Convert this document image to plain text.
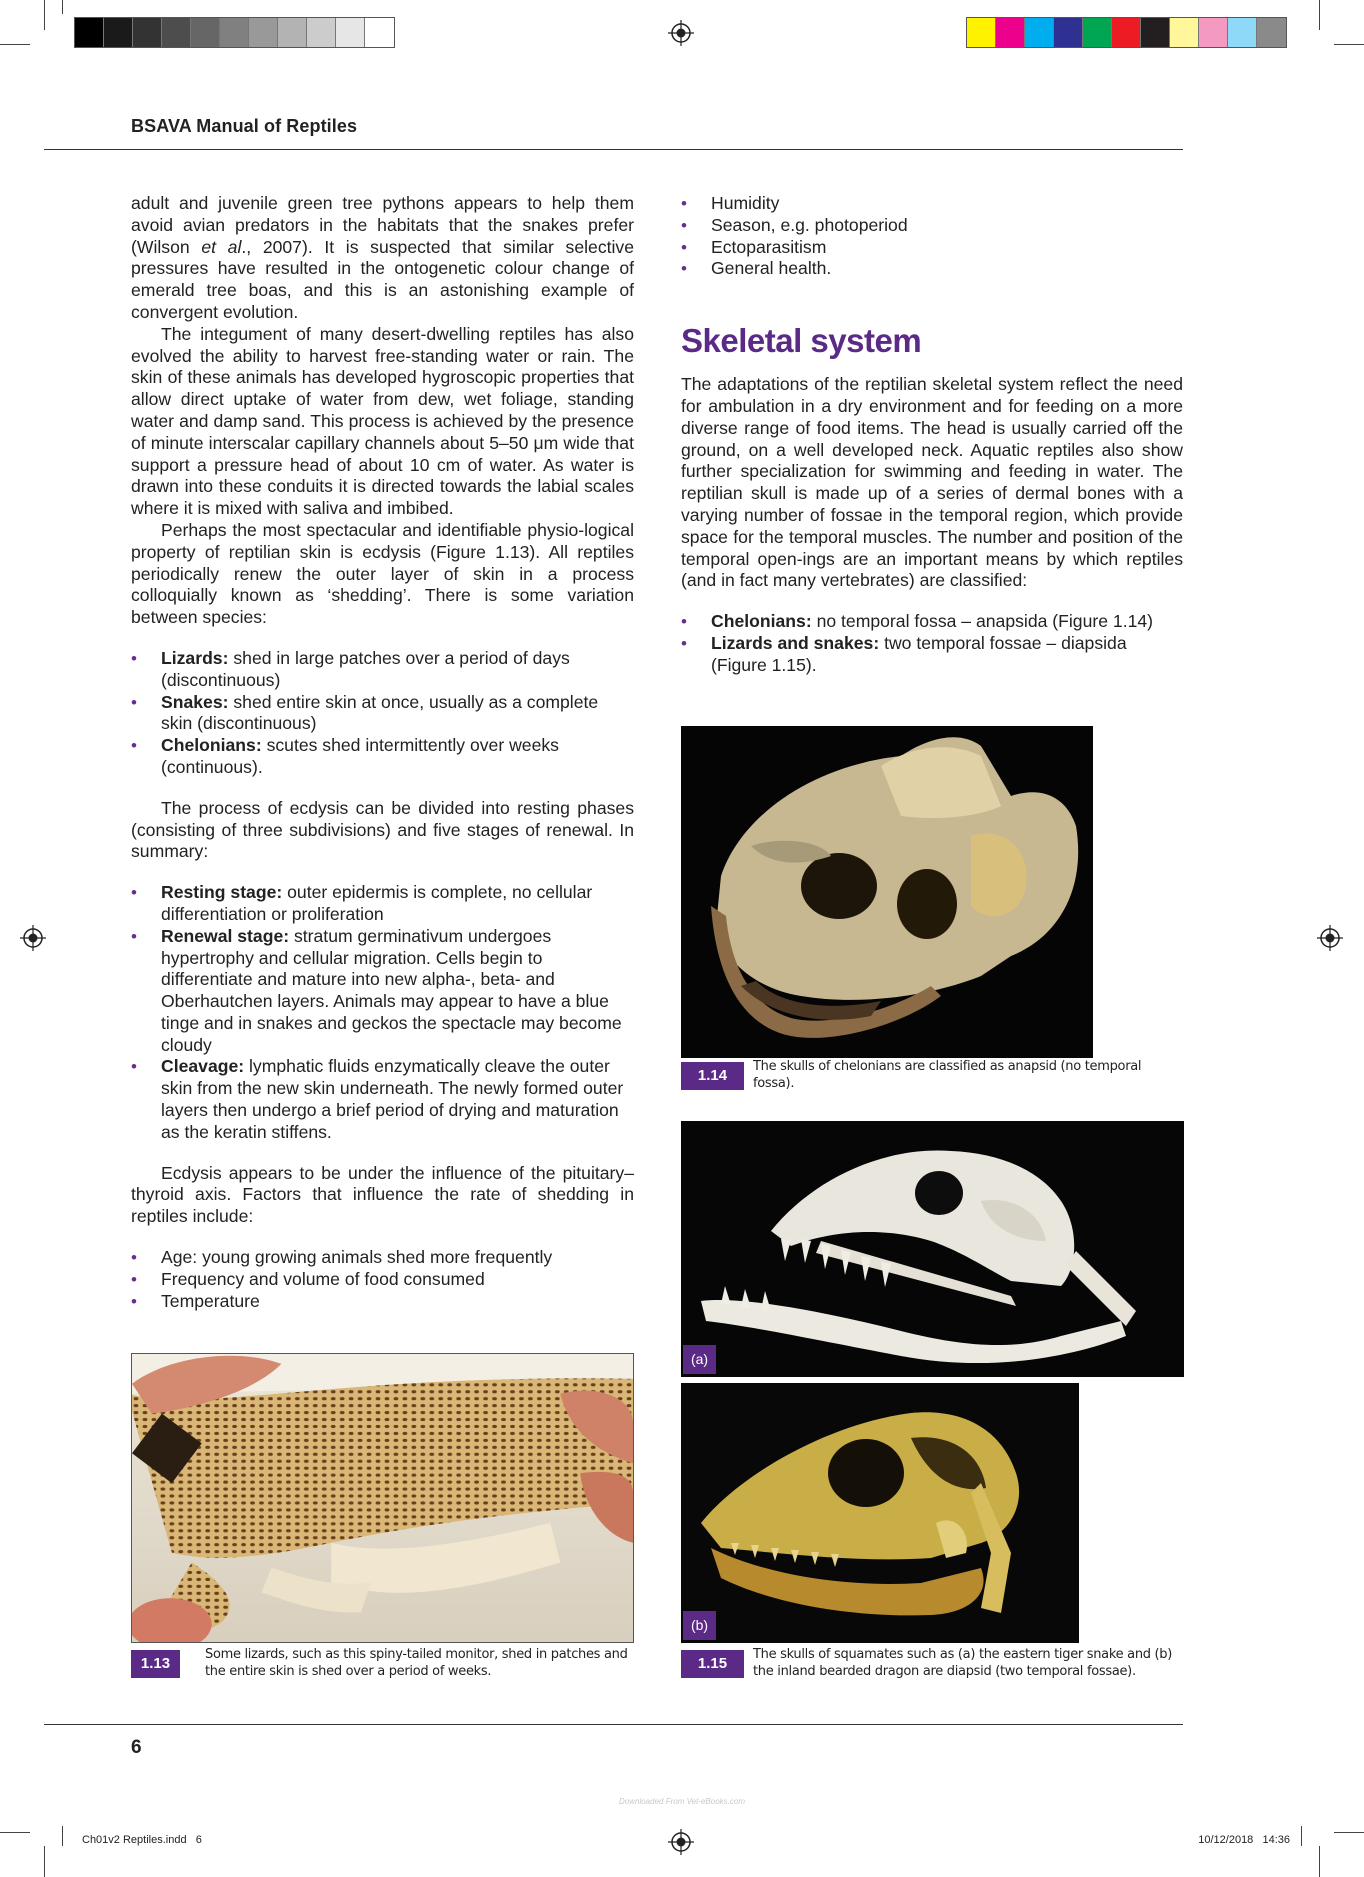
BSAVA Manual of Reptiles

adult and juvenile green tree pythons appears to help them avoid avian predators in the habitats that the snakes prefer (Wilson et al., 2007). It is suspected that similar selective pressures have resulted in the ontogenetic colour change of emerald tree boas, and this is an astonishing example of convergent evolution.

The integument of many desert-dwelling reptiles has also evolved the ability to harvest free-standing water or rain. The skin of these animals has developed hygroscopic properties that allow direct uptake of water from dew, wet foliage, standing water and damp sand. This process is achieved by the presence of minute interscalar capillary channels about 5–50 μm wide that support a pressure head of about 10 cm of water. As water is drawn into these conduits it is directed towards the labial scales where it is mixed with saliva and imbibed.

Perhaps the most spectacular and identifiable physio-logical property of reptilian skin is ecdysis (Figure 1.13). All reptiles periodically renew the outer layer of skin in a process colloquially known as ‘shedding’. There is some variation between species:

• Lizards: shed in large patches over a period of days (discontinuous)
• Snakes: shed entire skin at once, usually as a complete skin (discontinuous)
• Chelonians: scutes shed intermittently over weeks (continuous).

The process of ecdysis can be divided into resting phases (consisting of three subdivisions) and five stages of renewal. In summary:

• Resting stage: outer epidermis is complete, no cellular differentiation or proliferation
• Renewal stage: stratum germinativum undergoes hypertrophy and cellular migration. Cells begin to differentiate and mature into new alpha-, beta- and Oberhautchen layers. Animals may appear to have a blue tinge and in snakes and geckos the spectacle may become cloudy
• Cleavage: lymphatic fluids enzymatically cleave the outer skin from the new skin underneath. The newly formed outer layers then undergo a brief period of drying and maturation as the keratin stiffens.

Ecdysis appears to be under the influence of the pituitary–thyroid axis. Factors that influence the rate of shedding in reptiles include:

• Age: young growing animals shed more frequently
• Frequency and volume of food consumed
• Temperature
1.13
Some lizards, such as this spiny-tailed monitor, shed in patches and the entire skin is shed over a period of weeks.
• Humidity
• Season, e.g. photoperiod
• Ectoparasitism
• General health.
Skeletal system

The adaptations of the reptilian skeletal system reflect the need for ambulation in a dry environment and for feeding on a more diverse range of food items. The head is usually carried off the ground, on a well developed neck. Aquatic reptiles also show further specialization for swimming and feeding in water. The reptilian skull is made up of a series of dermal bones with a varying number of fossae in the temporal region, which provide space for the temporal muscles. The number and position of the temporal open-ings are an important means by which reptiles (and in fact many vertebrates) are classified:

• Chelonians: no temporal fossa – anapsida (Figure 1.14)
• Lizards and snakes: two temporal fossae – diapsida (Figure 1.15).
1.14
The skulls of chelonians are classified as anapsid (no temporal fossa).
(a)
(b)
1.15
The skulls of squamates such as (a) the eastern tiger snake and (b) the inland bearded dragon are diapsid (two temporal fossae).
6
Downloaded From Vet-eBooks.com
Ch01v2 Reptiles.indd   6	10/12/2018   14:36
